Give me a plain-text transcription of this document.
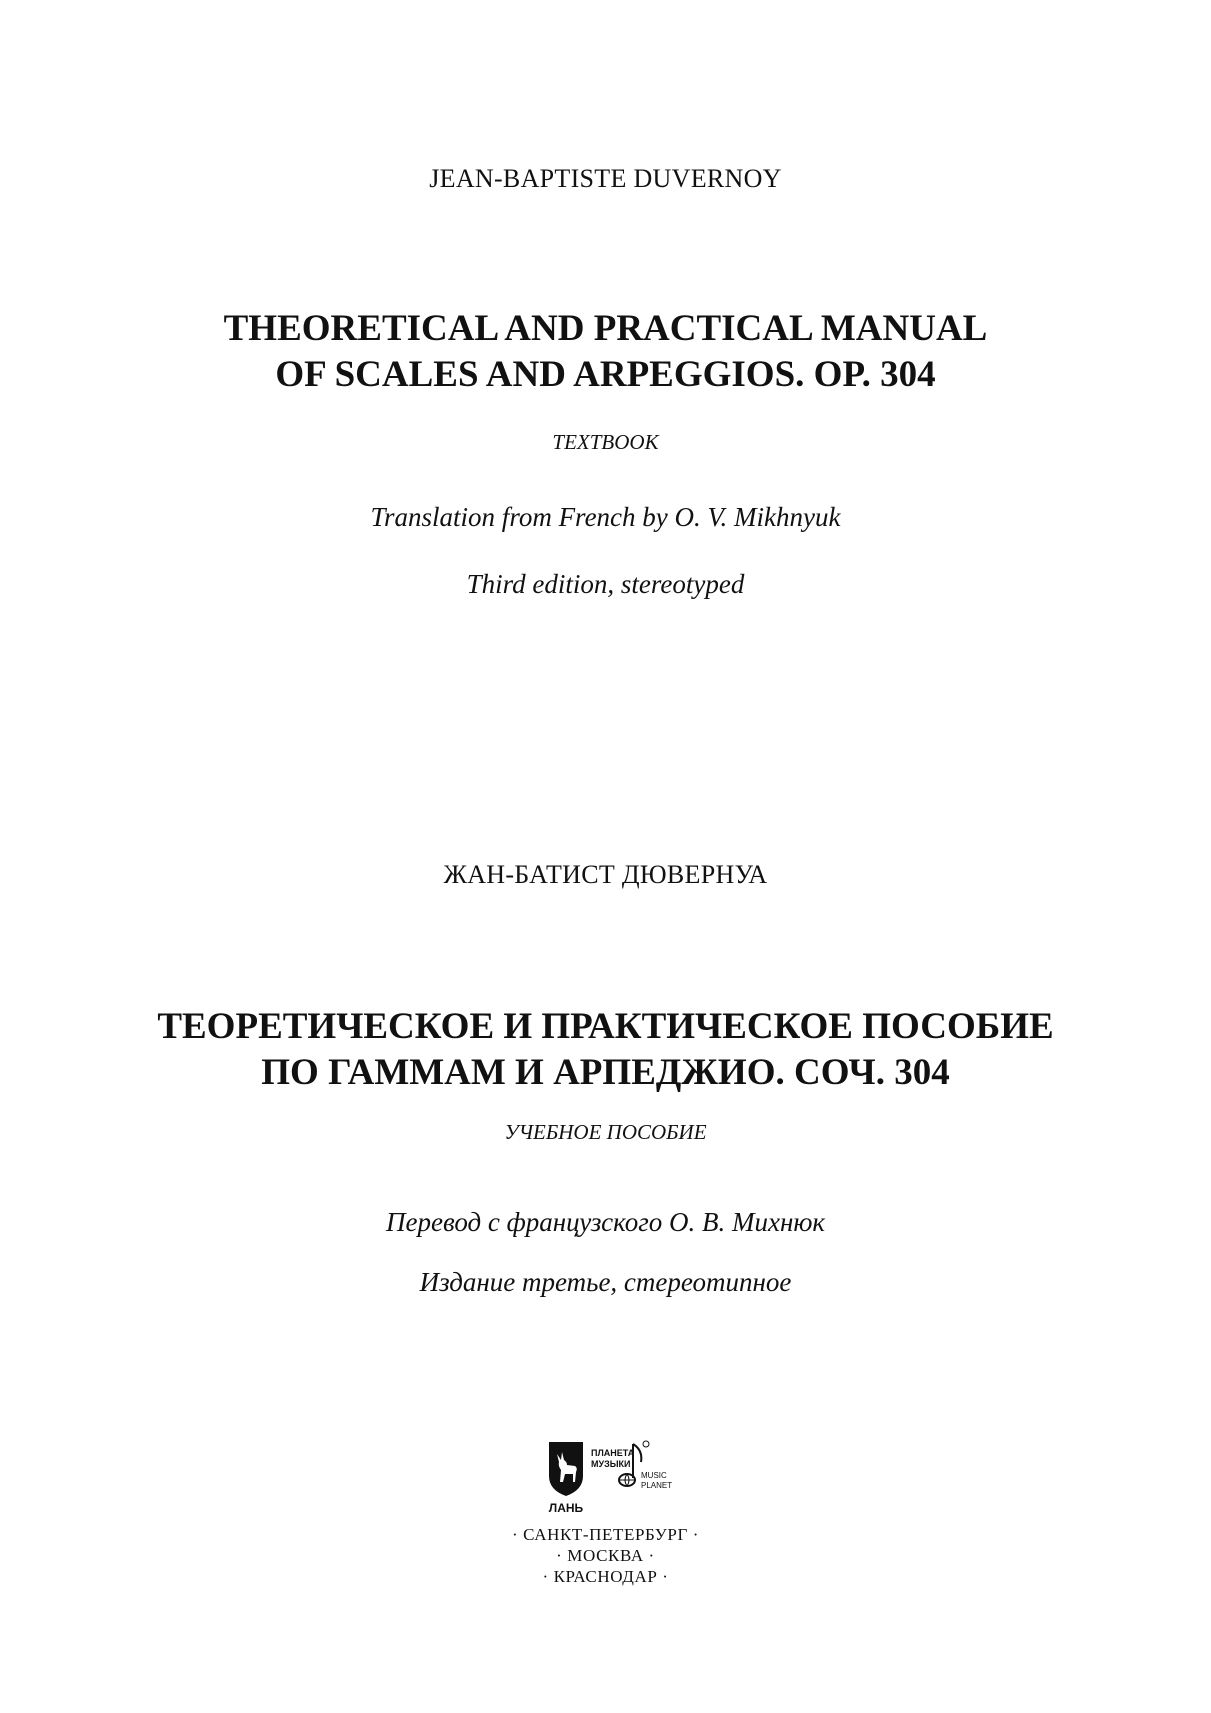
JEAN-BAPTISTE DUVERNOY
THEORETICAL AND PRACTICAL MANUAL
OF SCALES AND ARPEGGIOS. OP. 304
TEXTBOOK
Translation from French by O. V. Mikhnyuk
Third edition, stereotyped
ЖАН-БАТИСТ ДЮВЕРНУА
ТЕОРЕТИЧЕСКОЕ И ПРАКТИЧЕСКОЕ ПОСОБИЕ
ПО ГАММАМ И АРПЕДЖИО. СОЧ. 304
УЧЕБНОЕ ПОСОБИЕ
Перевод с французского О. В. Михнюк
Издание третье, стереотипное
ЛАНЬ
ПЛАНЕТА
МУЗЫКИ
MUSIC
PLANET
· САНКТ-ПЕТЕРБУРГ ·
· МОСКВА ·
· КРАСНОДАР ·
